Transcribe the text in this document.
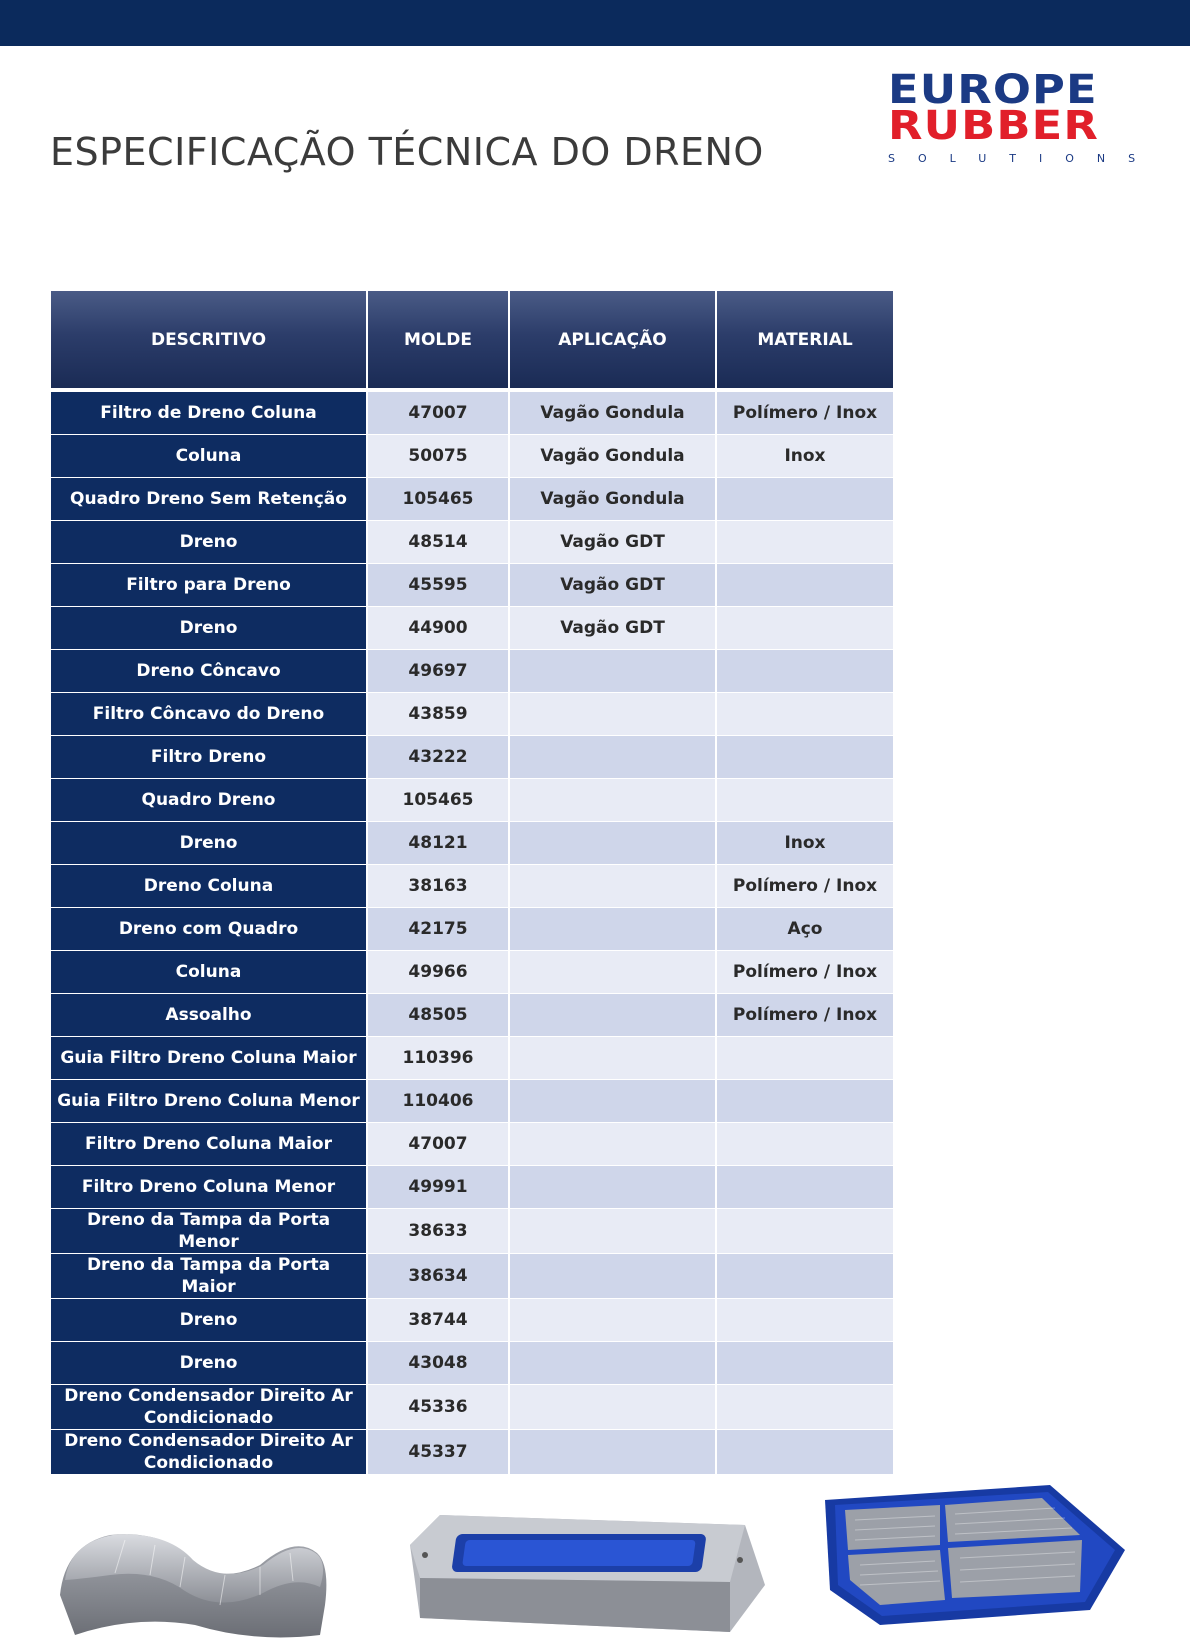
ESPECIFICAÇÃO TÉCNICA DO DRENO
EUROPE
RUBBER
SOLUTIONS
DESCRITIVO	MOLDE	APLICAÇÃO	MATERIAL
Filtro de Dreno Coluna	47007	Vagão Gondula	Polímero / Inox
Coluna	50075	Vagão Gondula	Inox
Quadro Dreno Sem Retenção	105465	Vagão Gondula	
Dreno	48514	Vagão GDT	
Filtro para Dreno	45595	Vagão GDT	
Dreno	44900	Vagão GDT	
Dreno Côncavo	49697		
Filtro Côncavo do Dreno	43859		
Filtro Dreno	43222		
Quadro Dreno	105465		
Dreno	48121		Inox
Dreno Coluna	38163		Polímero / Inox
Dreno com Quadro	42175		Aço
Coluna	49966		Polímero / Inox
Assoalho	48505		Polímero / Inox
Guia Filtro Dreno Coluna Maior	110396		
Guia Filtro Dreno Coluna Menor	110406		
Filtro Dreno Coluna Maior	47007		
Filtro Dreno Coluna Menor	49991		
Dreno da Tampa da Porta Menor	38633		
Dreno da Tampa da Porta Maior	38634		
Dreno	38744		
Dreno	43048		
Dreno Condensador Direito Ar Condicionado	45336		
Dreno Condensador Direito Ar Condicionado	45337		
